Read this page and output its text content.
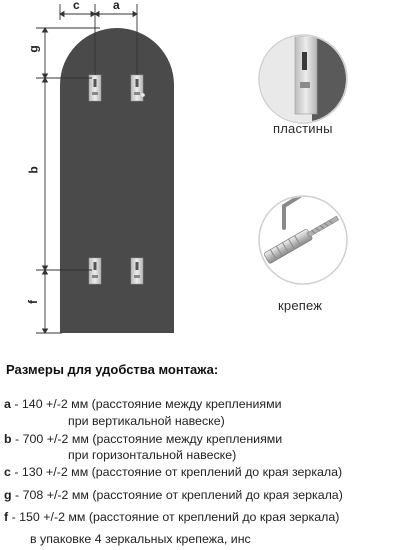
c	a
g
b
f
пластины
крепеж
Размеры для удобства монтажа:
a - 140 +/-2 мм (расстояние между креплениями
при вертикальной навеске)
b - 700 +/-2 мм (расстояние между креплениями
при горизонтальной навеске)
c - 130 +/-2 мм (расстояние от креплений до края зеркала)
g - 708 +/-2 мм (расстояние от креплений до края зеркала)
f - 150 +/-2 мм (расстояние от креплений до края зеркала)
в упаковке 4 зеркальных крепежа, инс
